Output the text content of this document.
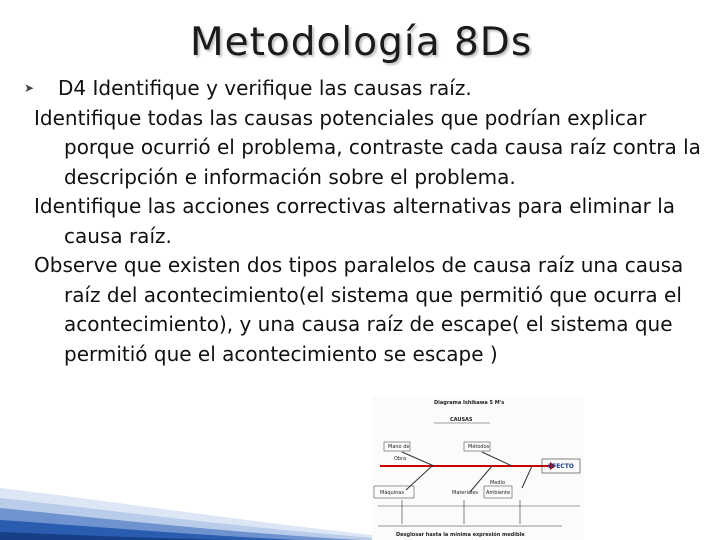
Metodología 8Ds

➤ D4 Identifique y verifique las causas raíz.

Identifique todas las causas potenciales que podrían explicar porque ocurrió el problema, contraste cada causa raíz contra la descripción e información sobre el problema.

Identifique las acciones correctivas alternativas para eliminar la causa raíz.

Observe que existen dos tipos paralelos de causa raíz una causa raíz del acontecimiento(el sistema que permitió que ocurra el acontecimiento), y una causa raíz de escape( el sistema que permitió que el acontecimiento se escape )

Diagrama Ishikawa 5 M's
CAUSAS
Mano de
Obra
Métodos
EFECTO
Máquinas	Materiales
Medio
Ambiente
Desglosar hasta la mínima expresión medible
